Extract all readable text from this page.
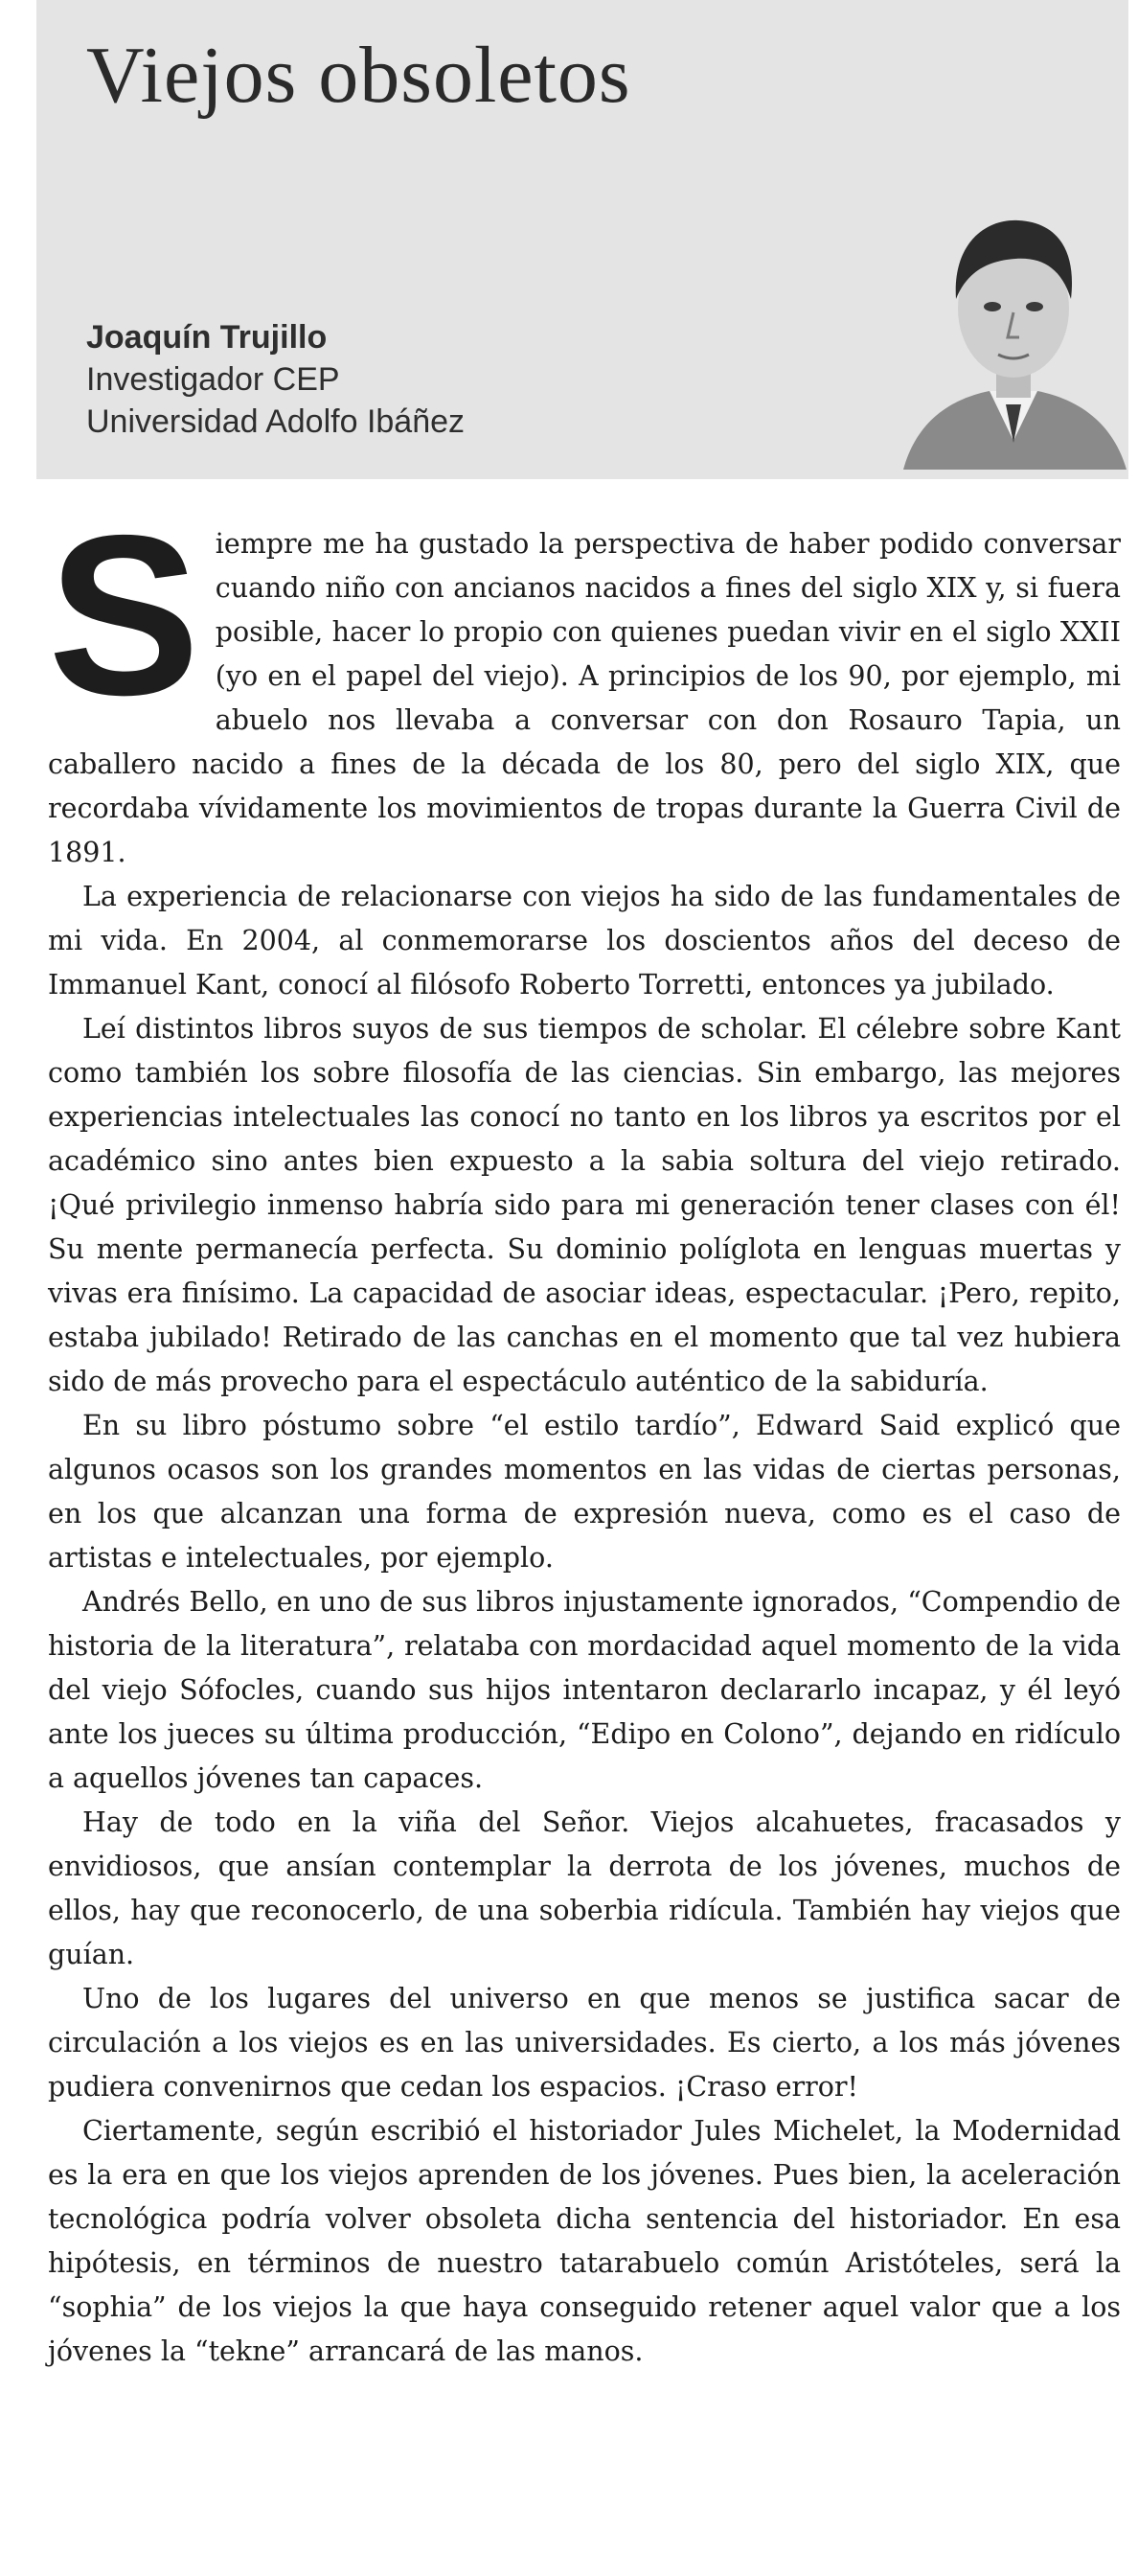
Viejos obsoletos
Joaquín Trujillo
Investigador CEP
Universidad Adolfo Ibáñez
S iempre me ha gustado la perspectiva de haber podido conversar cuando niño con ancianos nacidos a fines del siglo XIX y, si fuera posible, hacer lo propio con quienes puedan vivir en el siglo XXII (yo en el papel del viejo). A principios de los 90, por ejemplo, mi abuelo nos llevaba a conversar con don Rosauro Tapia, un caballero nacido a fines de la década de los 80, pero del siglo XIX, que recordaba vívidamente los movimientos de tropas durante la Guerra Civil de 1891.

La experiencia de relacionarse con viejos ha sido de las fundamentales de mi vida. En 2004, al conmemorarse los doscientos años del deceso de Immanuel Kant, conocí al filósofo Roberto Torretti, entonces ya jubilado.

Leí distintos libros suyos de sus tiempos de scholar. El célebre sobre Kant como también los sobre filosofía de las ciencias. Sin embargo, las mejores experiencias intelectuales las conocí no tanto en los libros ya escritos por el académico sino antes bien expuesto a la sabia soltura del viejo retirado. ¡Qué privilegio inmenso habría sido para mi generación tener clases con él! Su mente permanecía perfecta. Su dominio políglota en lenguas muertas y vivas era finísimo. La capacidad de asociar ideas, espectacular. ¡Pero, repito, estaba jubilado! Retirado de las canchas en el momento que tal vez hubiera sido de más provecho para el espectáculo auténtico de la sabiduría.

En su libro póstumo sobre “el estilo tardío”, Edward Said explicó que algunos ocasos son los grandes momentos en las vidas de ciertas personas, en los que alcanzan una forma de expresión nueva, como es el caso de artistas e intelectuales, por ejemplo.

Andrés Bello, en uno de sus libros injustamente ignorados, “Compendio de historia de la literatura”, relataba con mordacidad aquel momento de la vida del viejo Sófocles, cuando sus hijos intentaron declararlo incapaz, y él leyó ante los jueces su última producción, “Edipo en Colono”, dejando en ridículo a aquellos jóvenes tan capaces.

Hay de todo en la viña del Señor. Viejos alcahuetes, fracasados y envidiosos, que ansían contemplar la derrota de los jóvenes, muchos de ellos, hay que reconocerlo, de una soberbia ridícula. También hay viejos que guían.

Uno de los lugares del universo en que menos se justifica sacar de circulación a los viejos es en las universidades. Es cierto, a los más jóvenes pudiera convenirnos que cedan los espacios. ¡Craso error!

Ciertamente, según escribió el historiador Jules Michelet, la Modernidad es la era en que los viejos aprenden de los jóvenes. Pues bien, la aceleración tecnológica podría volver obsoleta dicha sentencia del historiador. En esa hipótesis, en términos de nuestro tatarabuelo común Aristóteles, será la “sophia” de los viejos la que haya conseguido retener aquel valor que a los jóvenes la “tekne” arrancará de las manos.
